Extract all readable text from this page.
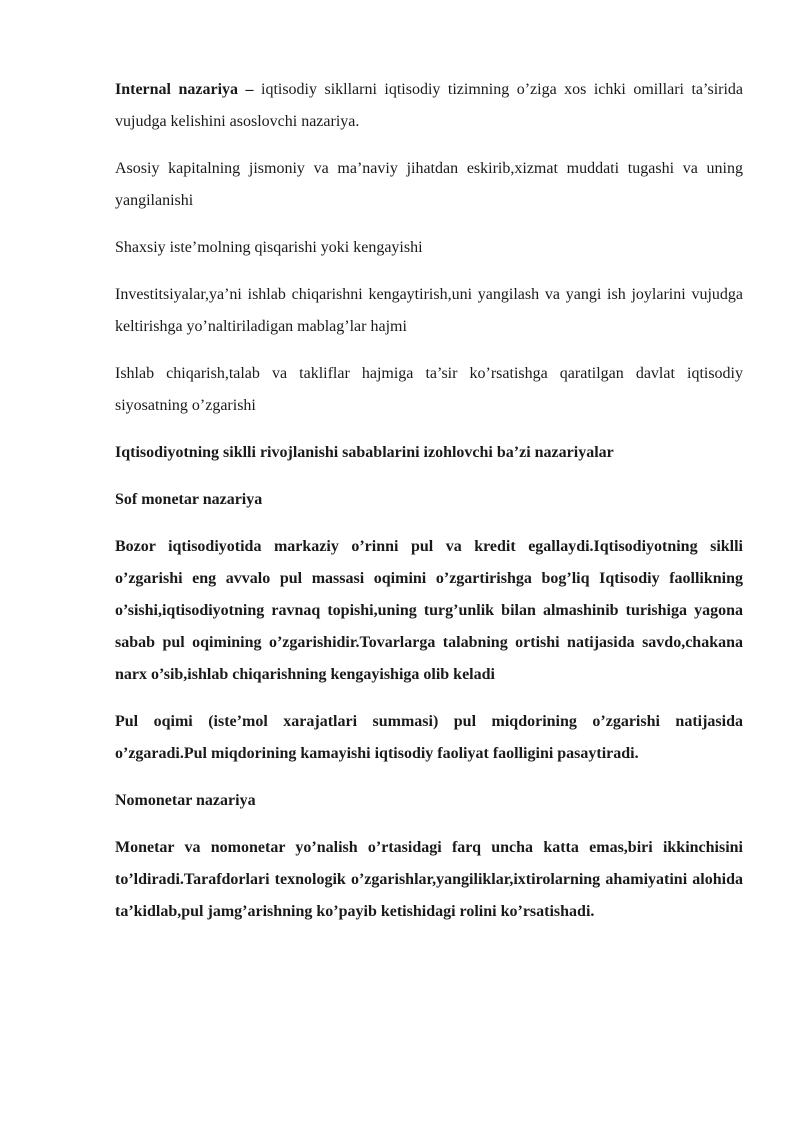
Internal nazariya – iqtisodiy sikllarni iqtisodiy tizimning o’ziga xos ichki omillari ta’sirida vujudga kelishini asoslovchi nazariya.

Asosiy kapitalning jismoniy va ma’naviy jihatdan eskirib,xizmat muddati tugashi va uning yangilanishi

Shaxsiy iste’molning qisqarishi yoki kengayishi

Investitsiyalar,ya’ni ishlab chiqarishni kengaytirish,uni yangilash va yangi ish joylarini vujudga keltirishga yo’naltiriladigan mablag’lar hajmi

Ishlab chiqarish,talab va takliflar hajmiga ta’sir ko’rsatishga qaratilgan davlat iqtisodiy siyosatning o’zgarishi

Iqtisodiyotning siklli rivojlanishi sabablarini izohlovchi ba’zi nazariyalar

Sof monetar nazariya

Bozor iqtisodiyotida markaziy o’rinni pul va kredit egallaydi.Iqtisodiyotning siklli o’zgarishi eng avvalo pul massasi oqimini o’zgartirishga bog’liq Iqtisodiy faollikning o’sishi,iqtisodiyotning ravnaq topishi,uning turg’unlik bilan almashinib turishiga yagona sabab pul oqimining o’zgarishidir.Tovarlarga talabning ortishi natijasida savdo,chakana narx o’sib,ishlab chiqarishning kengayishiga olib keladi

Pul oqimi (iste’mol xarajatlari summasi) pul miqdorining o’zgarishi natijasida o’zgaradi.Pul miqdorining kamayishi iqtisodiy faoliyat faolligini pasaytiradi.

Nomonetar nazariya

Monetar va nomonetar yo’nalish o’rtasidagi farq uncha katta emas,biri ikkinchisini to’ldiradi.Tarafdorlari texnologik o’zgarishlar,yangiliklar,ixtirolarning ahamiyatini alohida ta’kidlab,pul jamg’arishning ko’payib ketishidagi rolini ko’rsatishadi.
